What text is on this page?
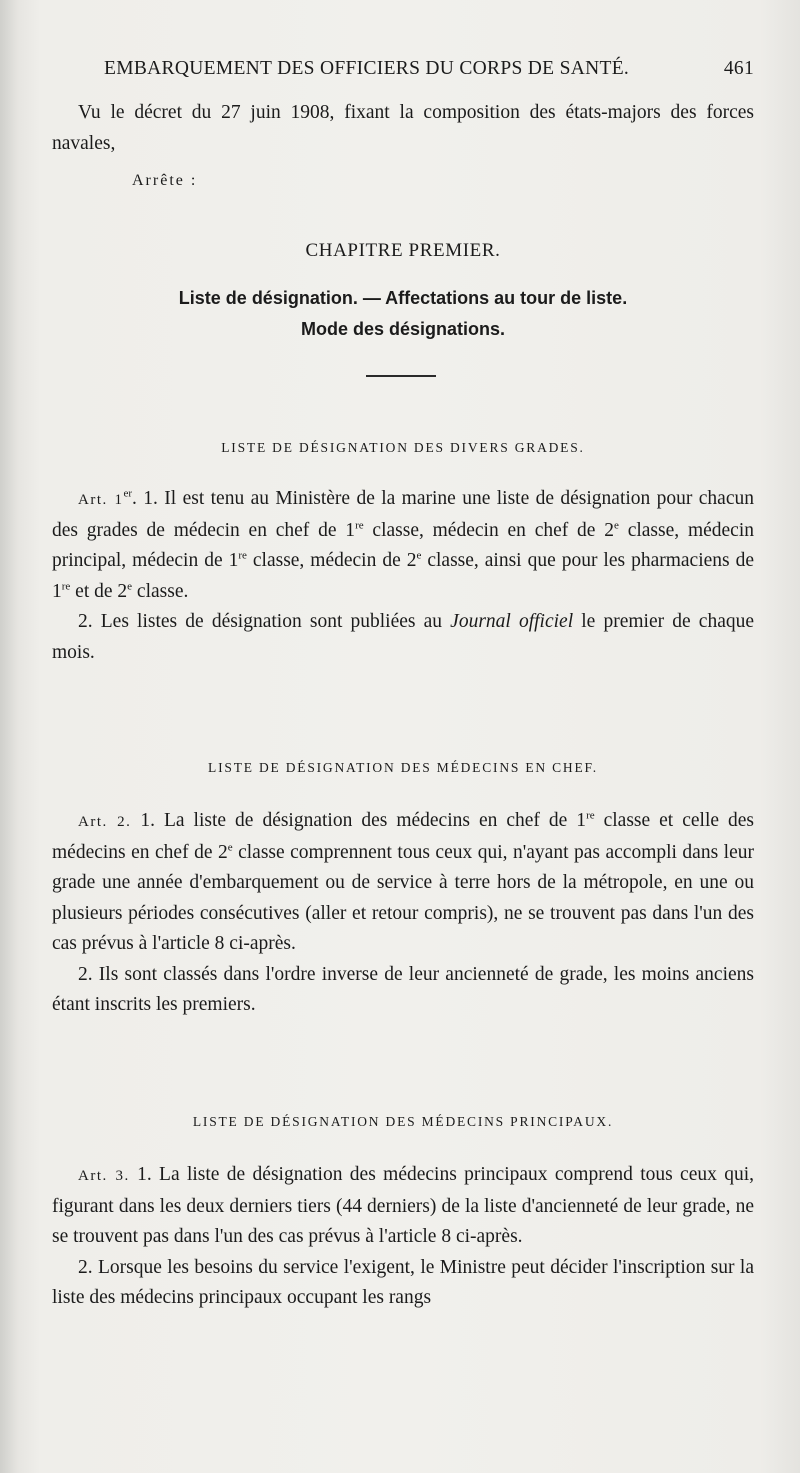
EMBARQUEMENT DES OFFICIERS DU CORPS DE SANTÉ.	461

Vu le décret du 27 juin 1908, fixant la composition des états-majors des forces navales,

Arrête :
CHAPITRE PREMIER.
Liste de désignation. — Affectations au tour de liste.
Mode des désignations.
LISTE DE DÉSIGNATION DES DIVERS GRADES.

Art. 1er. 1. Il est tenu au Ministère de la marine une liste de désignation pour chacun des grades de médecin en chef de 1re classe, médecin en chef de 2e classe, médecin principal, médecin de 1re classe, médecin de 2e classe, ainsi que pour les pharmaciens de 1re et de 2e classe.

2. Les listes de désignation sont publiées au Journal officiel le premier de chaque mois.

LISTE DE DÉSIGNATION DES MÉDECINS EN CHEF.

Art. 2. 1. La liste de désignation des médecins en chef de 1re classe et celle des médecins en chef de 2e classe comprennent tous ceux qui, n'ayant pas accompli dans leur grade une année d'embarquement ou de service à terre hors de la métropole, en une ou plusieurs périodes consécutives (aller et retour compris), ne se trouvent pas dans l'un des cas prévus à l'article 8 ci-après.

2. Ils sont classés dans l'ordre inverse de leur ancienneté de grade, les moins anciens étant inscrits les premiers.

LISTE DE DÉSIGNATION DES MÉDECINS PRINCIPAUX.

Art. 3. 1. La liste de désignation des médecins principaux comprend tous ceux qui, figurant dans les deux derniers tiers (44 derniers) de la liste d'ancienneté de leur grade, ne se trouvent pas dans l'un des cas prévus à l'article 8 ci-après.

2. Lorsque les besoins du service l'exigent, le Ministre peut décider l'inscription sur la liste des médecins principaux occupant les rangs
